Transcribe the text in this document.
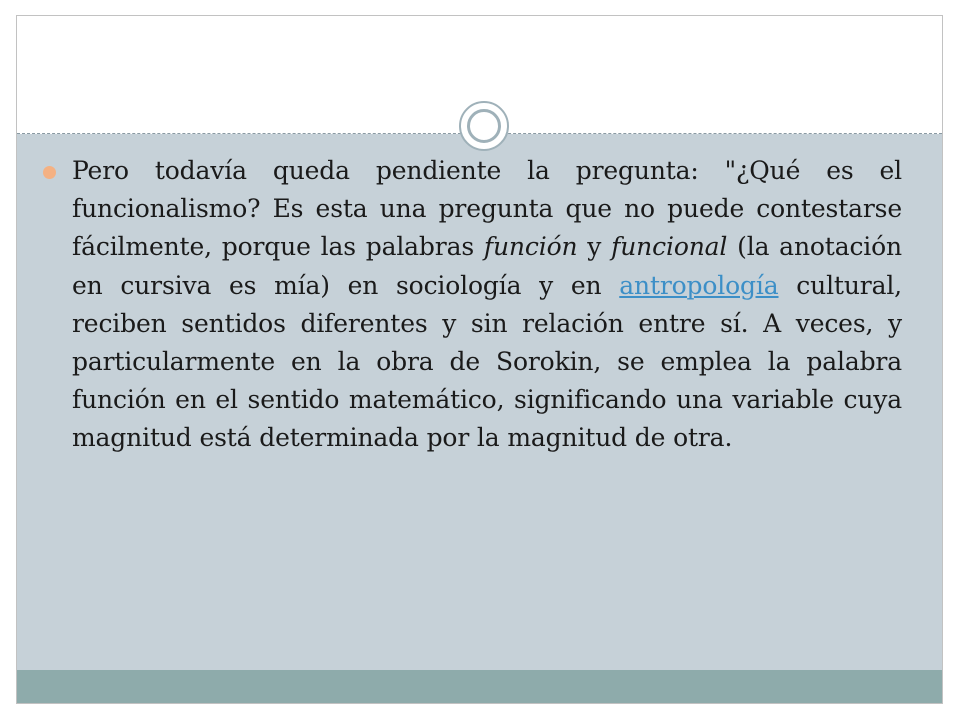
Pero todavía queda pendiente la pregunta: "¿Qué es el funcionalismo? Es esta una pregunta que no puede contestarse fácilmente, porque las palabras función y funcional (la anotación en cursiva es mía) en sociología y en antropología cultural, reciben sentidos diferentes y sin relación entre sí. A veces, y particularmente en la obra de Sorokin, se emplea la palabra función en el sentido matemático, significando una variable cuya magnitud está determinada por la magnitud de otra.
